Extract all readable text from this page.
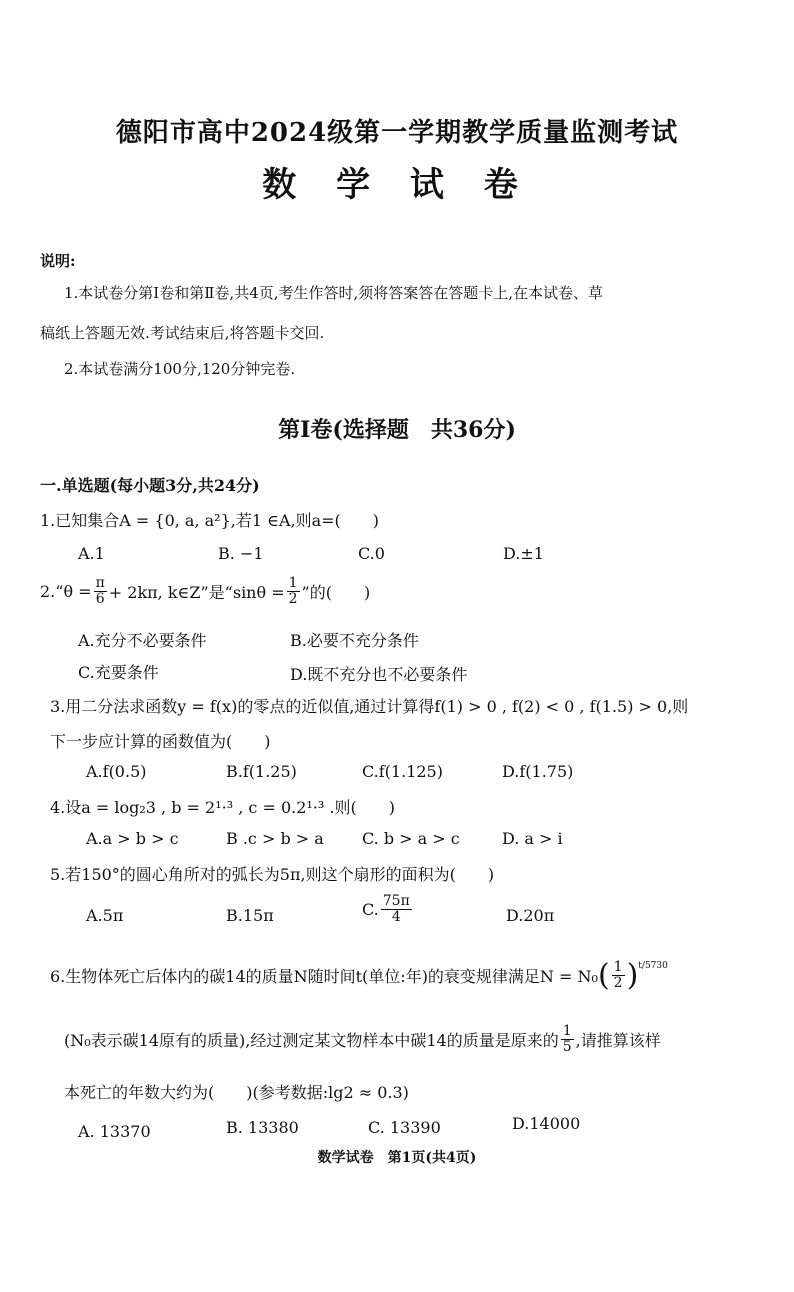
德阳市高中2024级第一学期教学质量监测考试
数 学 试 卷
说明:
1.本试卷分第Ⅰ卷和第Ⅱ卷,共4页,考生作答时,须将答案答在答题卡上,在本试卷、草
稿纸上答题无效.考试结束后,将答题卡交回.
2.本试卷满分100分,120分钟完卷.
第Ⅰ卷(选择题　共36分)
一.单选题(每小题3分,共24分)
1.已知集合A = {0, a, a²},若1 ∈A,则a=(　　)
A.1	B. −1	C.0	D.±1
2.“θ = $\frac{\pi}{6} + 2k\pi$, k∈Z”是“$\sin\theta = \frac{1}{2}$ ”的(　　)
A.充分不必要条件	B.必要不充分条件
C.充要条件	D.既不充分也不必要条件
3.用二分法求函数y = f(x)的零点的近似值,通过计算得f(1) > 0 , f(2) < 0 , f(1.5) > 0,则
下一步应计算的函数值为(　　)
A.f(0.5)	B.f(1.25)	C.f(1.125)	D.f(1.75)
4.设a = log₂3 , b = 2¹·³ , c = 0.2¹·³ .则(　　)
A.a > b > c	B .c > b > a C. b > a > c	D. a > i
5.若150°的圆心角所对的弧长为5π,则这个扇形的面积为(　　)
A.5π	B.15π	C. $\frac{75\pi}{4}$	D.20π
6.生物体死亡后体内的碳14的质量N随时间t(单位:年)的衰变规律满足N = N₀ ( $\frac{1}{2}$ ) t/5730
(N₀表示碳14原有的质量),经过测定某文物样本中碳14的质量是原来的 $\frac{1}{5}$ ,请推算该样
本死亡的年数大约为(　　)(参考数据:lg2 ≈ 0.3)
A. 13370	B. 13380	C. 13390	D.14000
数学试卷　第1页(共4页)
